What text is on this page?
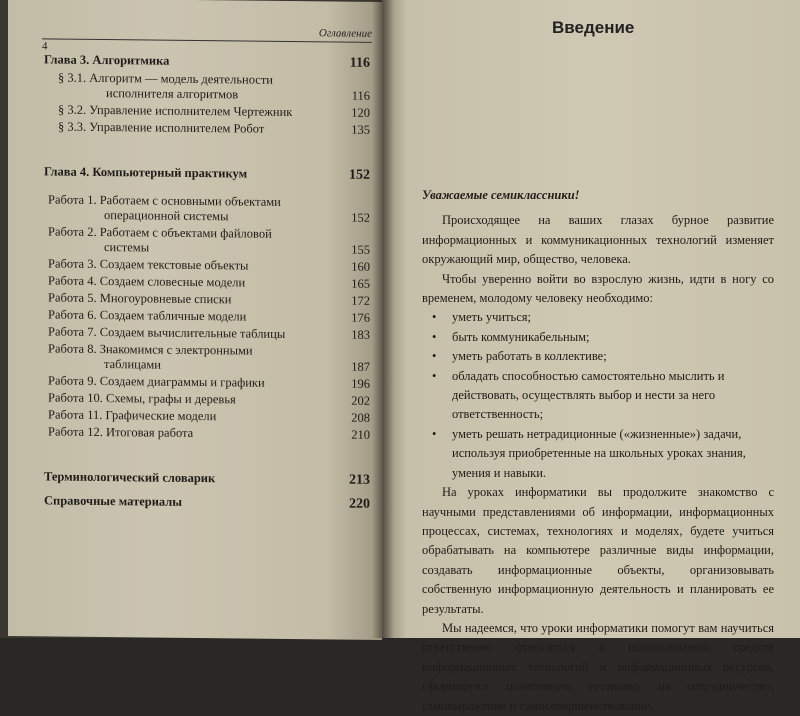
4
Оглавление
Глава 3. Алгоритмика	116
§ 3.1. Алгоритм — модель деятельности
исполнителя алгоритмов	116
§ 3.2. Управление исполнителем Чертежник	120
§ 3.3. Управление исполнителем Робот	135
Глава 4. Компьютерный практикум	152
Работа 1. Работаем с основными объектами
операционной системы	152
Работа 2. Работаем с объектами файловой
системы	155
Работа 3. Создаем текстовые объекты	160
Работа 4. Создаем словесные модели	165
Работа 5. Многоуровневые списки	172
Работа 6. Создаем табличные модели	176
Работа 7. Создаем вычислительные таблицы	183
Работа 8. Знакомимся с электронными
таблицами	187
Работа 9. Создаем диаграммы и графики	196
Работа 10. Схемы, графы и деревья	202
Работа 11. Графические модели	208
Работа 12. Итоговая работа	210
Терминологический словарик	213
Справочные материалы	220
Введение
Уважаемые семиклассники!
Происходящее на ваших глазах бурное развитие информационных и коммуникационных технологий изменяет окружающий мир, общество, человека.
Чтобы уверенно войти во взрослую жизнь, идти в ногу со временем, молодому человеку необходимо:
• уметь учиться;
• быть коммуникабельным;
• уметь работать в коллективе;
• обладать способностью самостоятельно мыслить и действовать, осуществлять выбор и нести за него ответственность;
• уметь решать нетрадиционные («жизненные») задачи, используя приобретенные на школьных уроках знания, умения и навыки.
На уроках информатики вы продолжите знакомство с научными представлениями об информации, информационных процессах, системах, технологиях и моделях, будете учиться обрабатывать на компьютере различные виды информации, создавать информационные объекты, организовывать собственную информационную деятельность и планировать ее результаты.
Мы надеемся, что уроки информатики помогут вам научиться ответственно относиться к использованию средств информационных технологий и информационных ресурсов, сформируют позитивную установку на сотрудничество, самовыражение и самосовершенствование.
